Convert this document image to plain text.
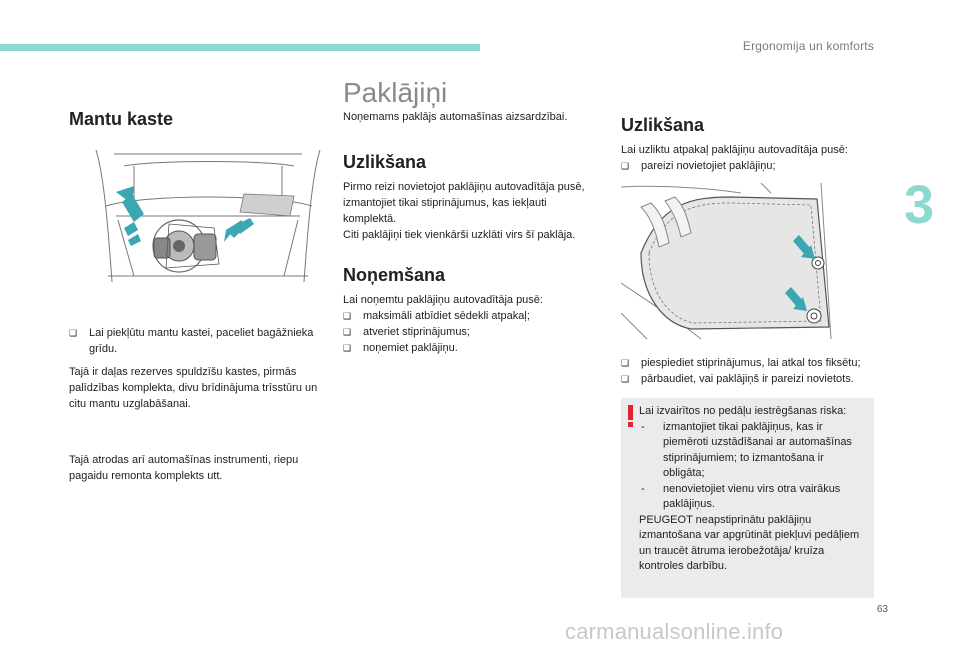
Ergonomija un komforts
3
Mantu kaste
❑ Lai piekļūtu mantu kastei, paceliet bagāžnieka grīdu.

Tajā ir daļas rezerves spuldzīšu kastes, pirmās palīdzības komplekta, divu brīdinājuma trīsstūru un citu mantu uzglabāšanai.

Tajā atrodas arī automašīnas instrumenti, riepu pagaidu remonta komplekts utt.

Paklājiņi

Noņemams paklājs automašīnas aizsardzībai.

Uzlikšana

Pirmo reizi novietojot paklājiņu autovadītāja pusē, izmantojiet tikai stiprinājumus, kas iekļauti komplektā.

Citi paklājiņi tiek vienkārši uzklāti virs šī paklāja.

Noņemšana

Lai noņemtu paklājiņu autovadītāja pusē:

❑ maksimāli atbīdiet sēdekli atpakaļ;
❑ atveriet stiprinājumus;
❑ noņemiet paklājiņu.
Uzlikšana

Lai uzliktu atpakaļ paklājiņu autovadītāja pusē:

❑ pareizi novietojiet paklājiņu;
❑ piespiediet stiprinājumus, lai atkal tos fiksētu;
❑ pārbaudiet, vai paklājiņš ir pareizi novietots.
Lai izvairītos no pedāļu iestrēgšanas riska:
- izmantojiet tikai paklājiņus, kas ir piemēroti uzstādīšanai ar automašīnas stiprinājumiem; to izmantošana ir obligāta;
- nenovietojiet vienu virs otra vairākus paklājiņus.
PEUGEOT neapstiprinātu paklājiņu izmantošana var apgrūtināt piekļuvi pedāļiem un traucēt ātruma ierobežotāja/ kruīza kontroles darbību.
63
carmanualsonline.info
